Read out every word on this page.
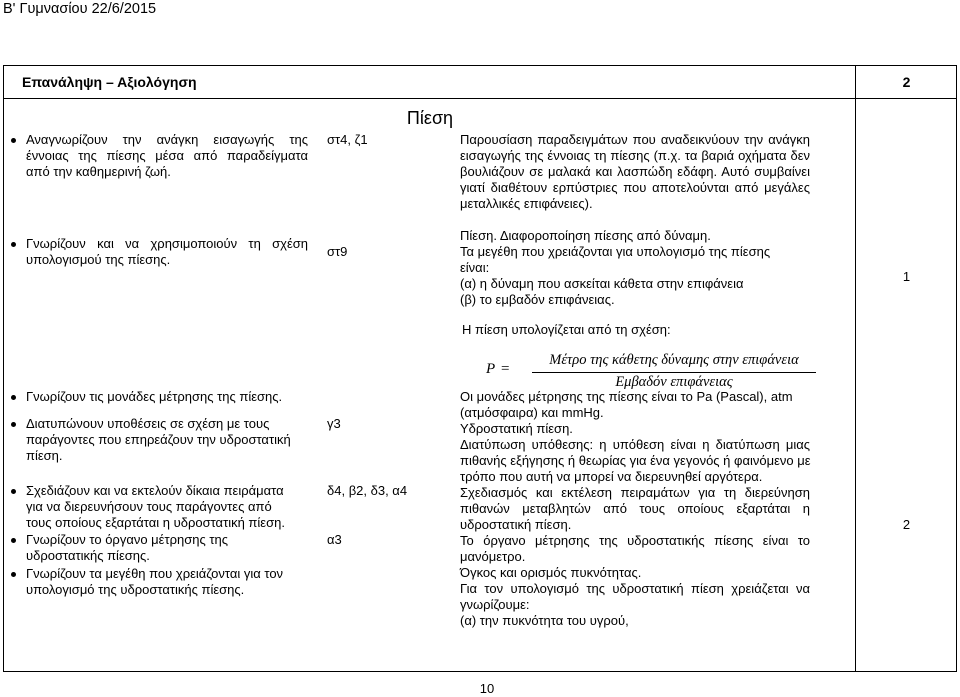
Β' Γυμνασίου 22/6/2015
Επανάληψη – Αξιολόγηση	2
Πίεση
Αναγνωρίζουν την ανάγκη εισαγωγής της
έννοιας της πίεσης μέσα από παραδείγματα
από την καθημερινή ζωή.
Γνωρίζουν και να χρησιμοποιούν τη σχέση
υπολογισμού της πίεσης.
Γνωρίζουν τις μονάδες μέτρησης της πίεσης.
Διατυπώνουν υποθέσεις σε σχέση με τους
παράγοντες που επηρεάζουν την υδροστατική
πίεση.
Σχεδιάζουν και να εκτελούν δίκαια πειράματα
για να διερευνήσουν τους παράγοντες από
τους οποίους εξαρτάται η υδροστατική πίεση.
Γνωρίζουν το όργανο μέτρησης της
υδροστατικής πίεσης.
Γνωρίζουν τα μεγέθη που χρειάζονται για τον
υπολογισμό της υδροστατικής πίεσης.
στ4, ζ1
στ9
γ3
δ4, β2, δ3, α4
α3
Παρουσίαση παραδειγμάτων που αναδεικνύουν την ανάγκη
εισαγωγής της έννοιας τη πίεσης (π.χ. τα βαριά οχήματα δεν
βουλιάζουν σε μαλακά και λασπώδη εδάφη. Αυτό συμβαίνει
γιατί διαθέτουν ερπύστριες που αποτελούνται από μεγάλες
μεταλλικές επιφάνειες).
Πίεση. Διαφοροποίηση πίεσης από δύναμη.
Τα μεγέθη που χρειάζονται για υπολογισμό της πίεσης
είναι:
(α) η δύναμη που ασκείται κάθετα στην επιφάνεια
(β) το εμβαδόν επιφάνειας.
Η πίεση υπολογίζεται από τη σχέση:
P =
Μέτρο της κάθετης δύναμης στην επιφάνεια
Εμβαδόν επιφάνειας
Οι μονάδες μέτρησης της πίεσης είναι το Pa (Pascal), atm
(ατμόσφαιρα) και mmHg.
Υδροστατική πίεση.
Διατύπωση υπόθεσης: η υπόθεση είναι η διατύπωση μιας
πιθανής εξήγησης ή θεωρίας για ένα γεγονός ή φαινόμενο με
τρόπο που αυτή να μπορεί να διερευνηθεί αργότερα.
Σχεδιασμός και εκτέλεση πειραμάτων για τη διερεύνηση
πιθανών μεταβλητών από τους οποίους εξαρτάται η
υδροστατική πίεση.
Το όργανο μέτρησης της υδροστατικής πίεσης είναι το
μανόμετρο.
Όγκος και ορισμός πυκνότητας.
Για τον υπολογισμό της υδροστατική πίεση χρειάζεται να
γνωρίζουμε:
(α) την πυκνότητα του υγρού,
1
2
10
